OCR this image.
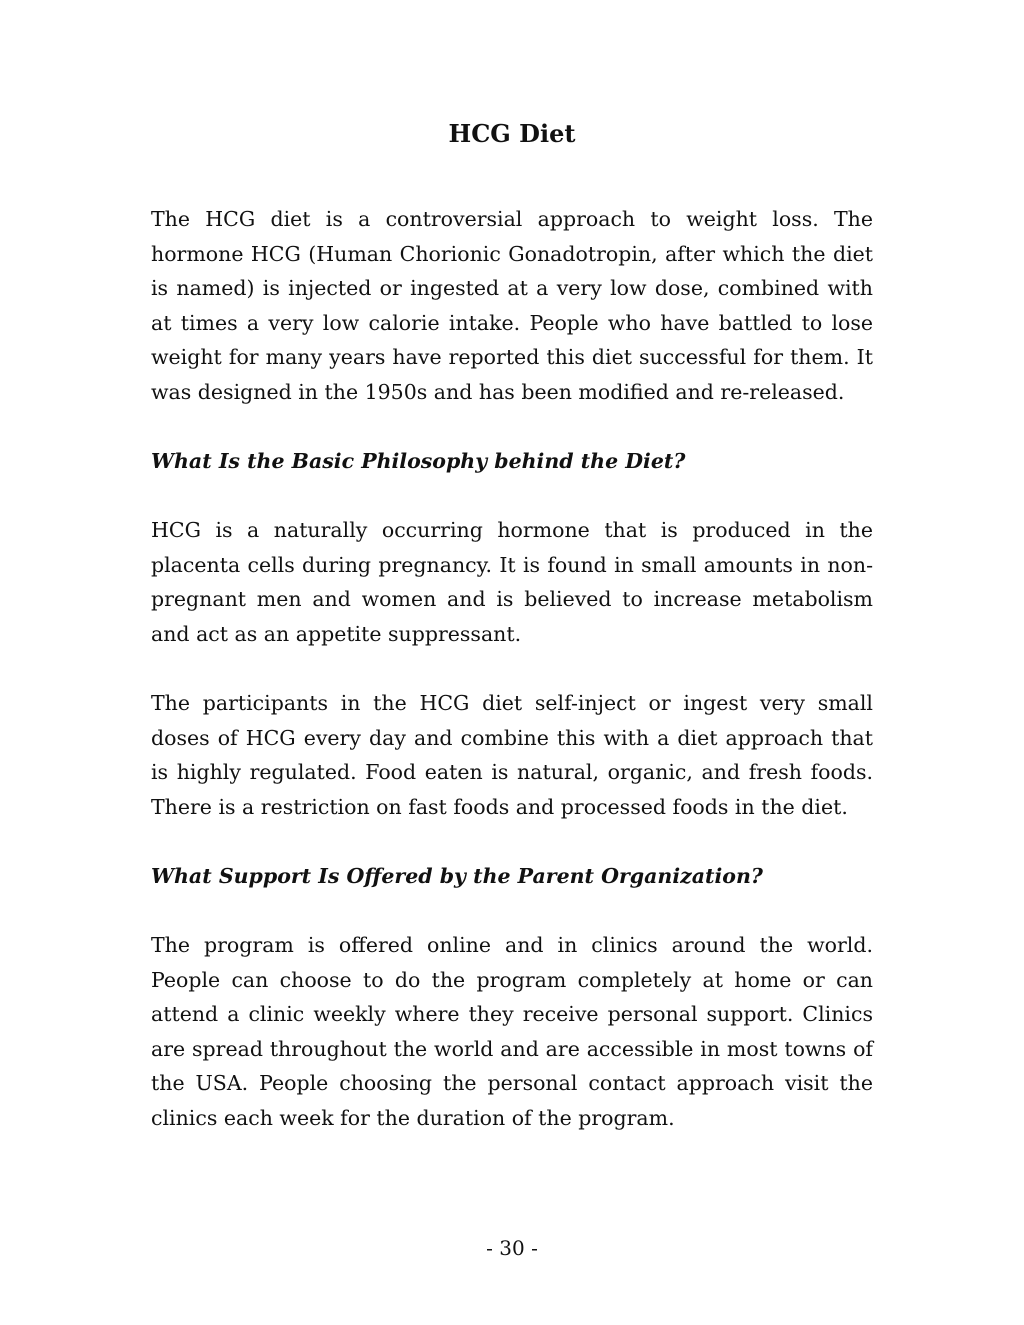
HCG Diet

The HCG diet is a controversial approach to weight loss. The hormone HCG (Human Chorionic Gonadotropin, after which the diet is named) is injected or ingested at a very low dose, combined with at times a very low calorie intake. People who have battled to lose weight for many years have reported this diet successful for them. It was designed in the 1950s and has been modified and re-released.

What Is the Basic Philosophy behind the Diet?

HCG is a naturally occurring hormone that is produced in the placenta cells during pregnancy. It is found in small amounts in non-pregnant men and women and is believed to increase metabolism and act as an appetite suppressant.

The participants in the HCG diet self-inject or ingest very small doses of HCG every day and combine this with a diet approach that is highly regulated. Food eaten is natural, organic, and fresh foods. There is a restriction on fast foods and processed foods in the diet.

What Support Is Offered by the Parent Organization?

The program is offered online and in clinics around the world. People can choose to do the program completely at home or can attend a clinic weekly where they receive personal support. Clinics are spread throughout the world and are accessible in most towns of the USA. People choosing the personal contact approach visit the clinics each week for the duration of the program.

- 30 -
